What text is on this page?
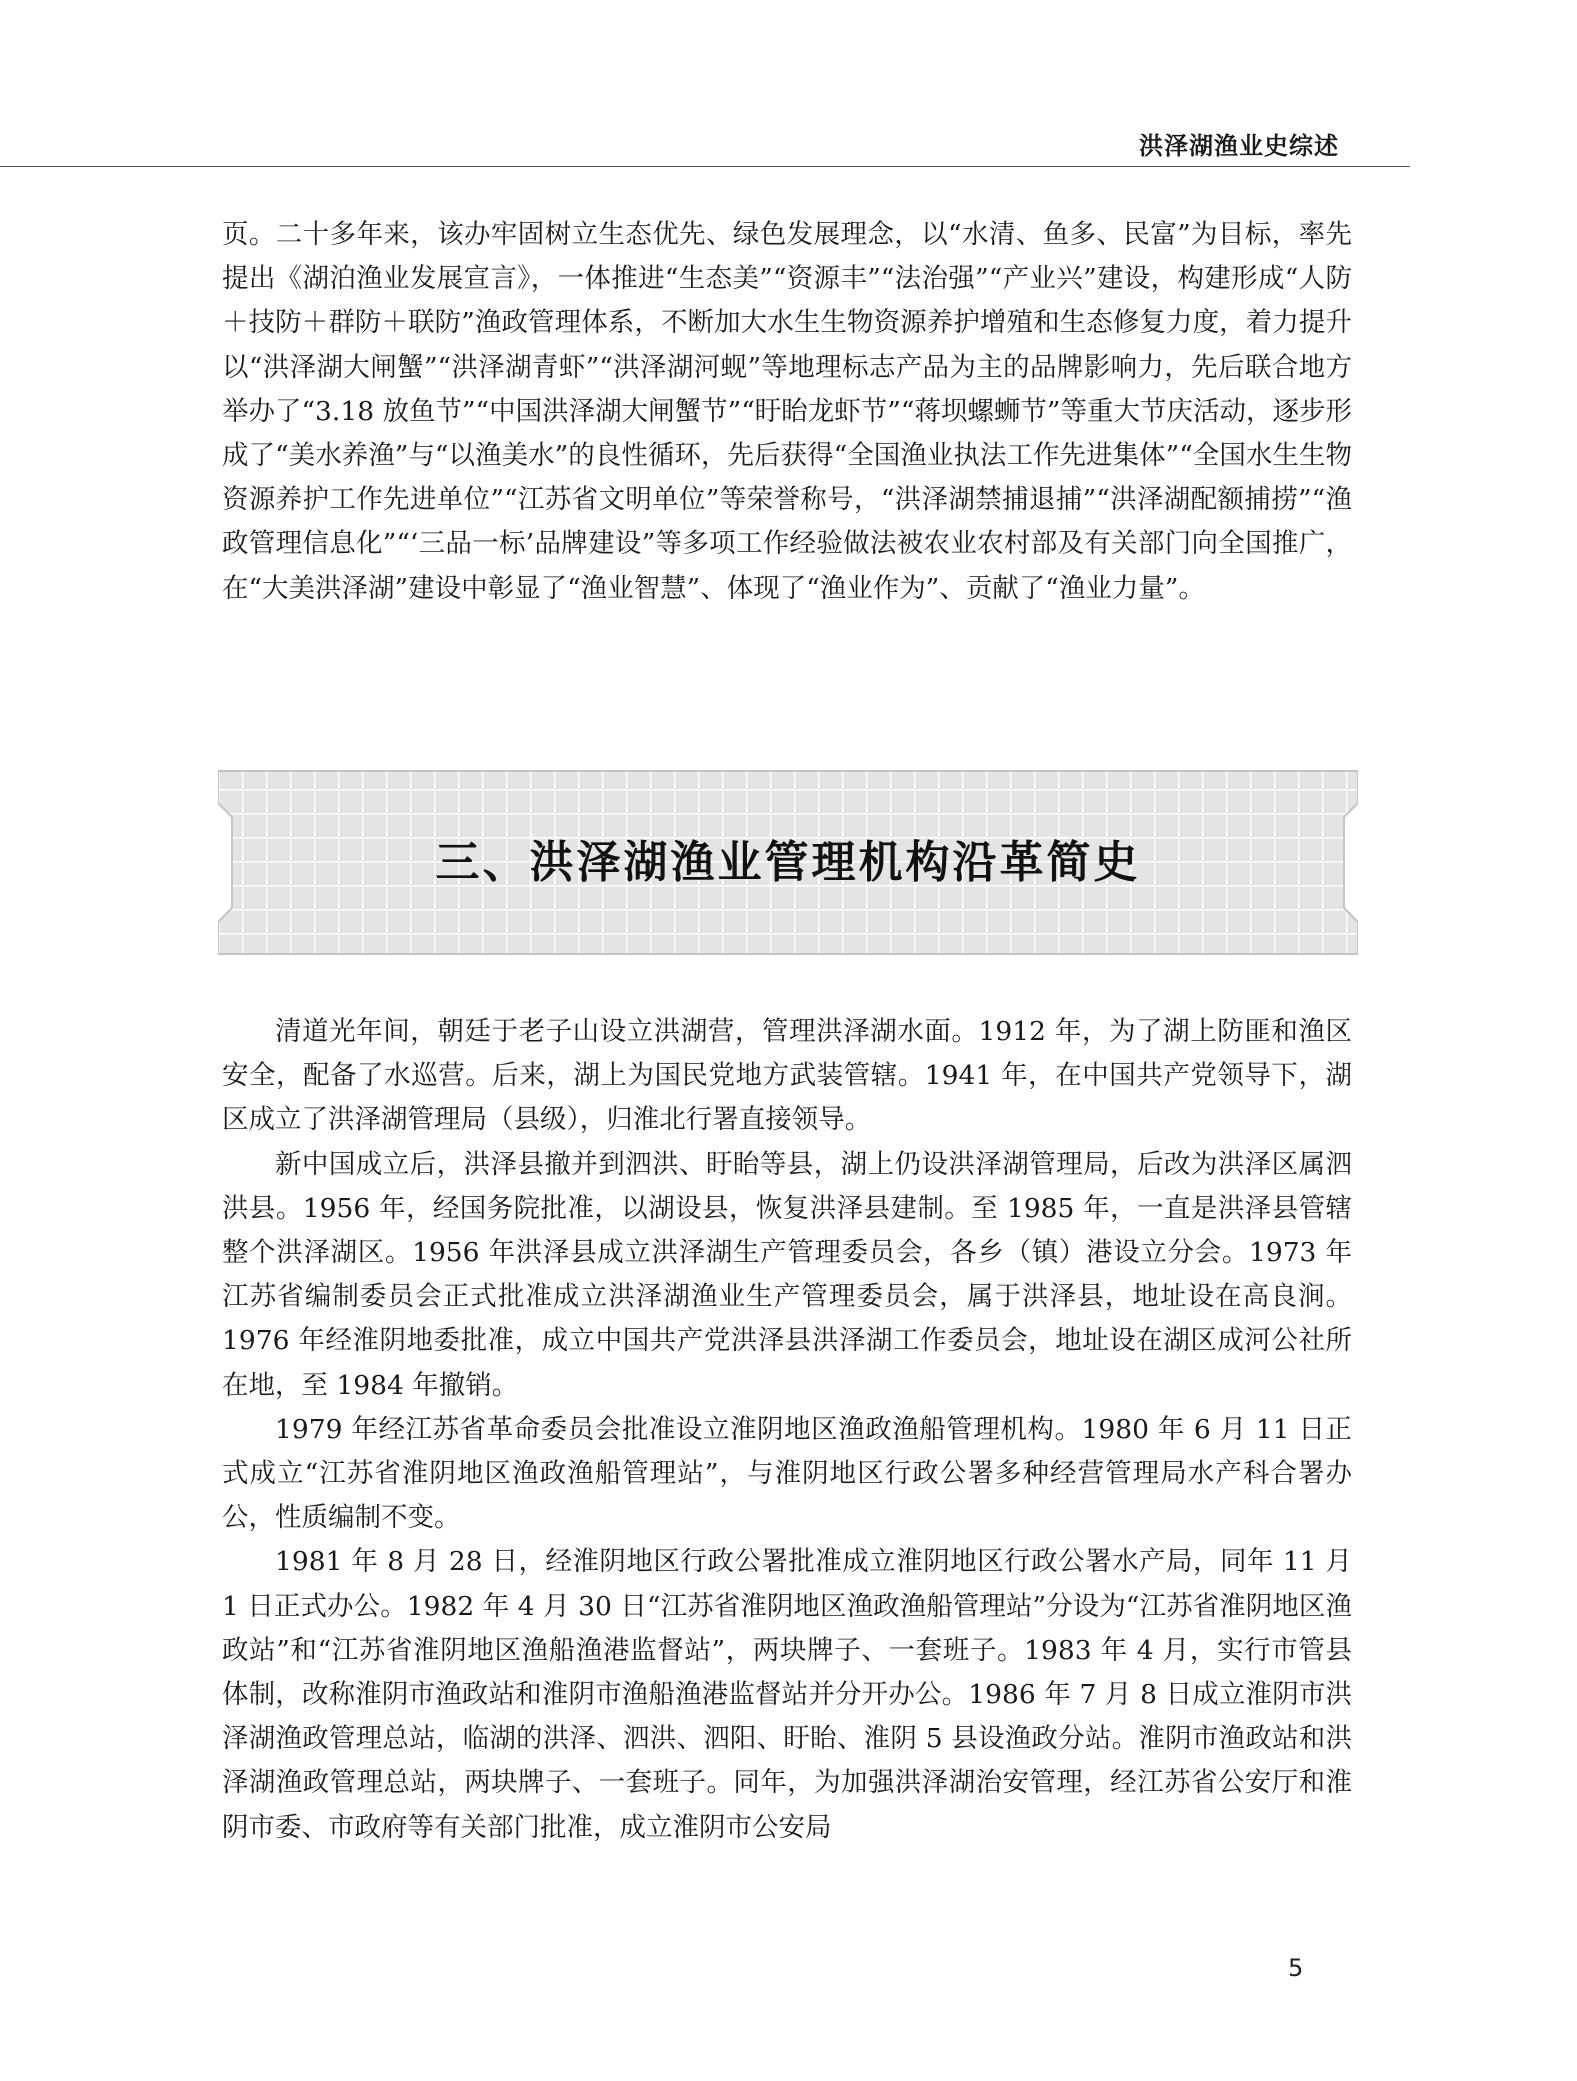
洪泽湖渔业史综述

页。二十多年来，该办牢固树立生态优先、绿色发展理念，以“水清、鱼多、民富”为目标，率先提出《湖泊渔业发展宣言》，一体推进“生态美”“资源丰”“法治强”“产业兴”建设，构建形成“人防＋技防＋群防＋联防”渔政管理体系，不断加大水生生物资源养护增殖和生态修复力度，着力提升以“洪泽湖大闸蟹”“洪泽湖青虾”“洪泽湖河蚬”等地理标志产品为主的品牌影响力，先后联合地方举办了“3.18 放鱼节”“中国洪泽湖大闸蟹节”“盱眙龙虾节”“蒋坝螺蛳节”等重大节庆活动，逐步形成了“美水养渔”与“以渔美水”的良性循环，先后获得“全国渔业执法工作先进集体”“全国水生生物资源养护工作先进单位”“江苏省文明单位”等荣誉称号，“洪泽湖禁捕退捕”“洪泽湖配额捕捞”“渔政管理信息化”“‘三品一标’品牌建设”等多项工作经验做法被农业农村部及有关部门向全国推广，在“大美洪泽湖”建设中彰显了“渔业智慧”、体现了“渔业作为”、贡献了“渔业力量”。

三、洪泽湖渔业管理机构沿革简史

清道光年间，朝廷于老子山设立洪湖营，管理洪泽湖水面。1912 年，为了湖上防匪和渔区安全，配备了水巡营。后来，湖上为国民党地方武装管辖。1941 年，在中国共产党领导下，湖区成立了洪泽湖管理局（县级），归淮北行署直接领导。

新中国成立后，洪泽县撤并到泗洪、盱眙等县，湖上仍设洪泽湖管理局，后改为洪泽区属泗洪县。1956 年，经国务院批准，以湖设县，恢复洪泽县建制。至 1985 年，一直是洪泽县管辖整个洪泽湖区。1956 年洪泽县成立洪泽湖生产管理委员会，各乡（镇）港设立分会。1973 年江苏省编制委员会正式批准成立洪泽湖渔业生产管理委员会，属于洪泽县，地址设在高良涧。1976 年经淮阴地委批准，成立中国共产党洪泽县洪泽湖工作委员会，地址设在湖区成河公社所在地，至 1984 年撤销。

1979 年经江苏省革命委员会批准设立淮阴地区渔政渔船管理机构。1980 年 6 月 11 日正式成立“江苏省淮阴地区渔政渔船管理站”，与淮阴地区行政公署多种经营管理局水产科合署办公，性质编制不变。

1981 年 8 月 28 日，经淮阴地区行政公署批准成立淮阴地区行政公署水产局，同年 11 月 1 日正式办公。1982 年 4 月 30 日“江苏省淮阴地区渔政渔船管理站”分设为“江苏省淮阴地区渔政站”和“江苏省淮阴地区渔船渔港监督站”，两块牌子、一套班子。1983 年 4 月，实行市管县体制，改称淮阴市渔政站和淮阴市渔船渔港监督站并分开办公。1986 年 7 月 8 日成立淮阴市洪泽湖渔政管理总站，临湖的洪泽、泗洪、泗阳、盱眙、淮阴 5 县设渔政分站。淮阴市渔政站和洪泽湖渔政管理总站，两块牌子、一套班子。同年，为加强洪泽湖治安管理，经江苏省公安厅和淮阴市委、市政府等有关部门批准，成立淮阴市公安局

5
